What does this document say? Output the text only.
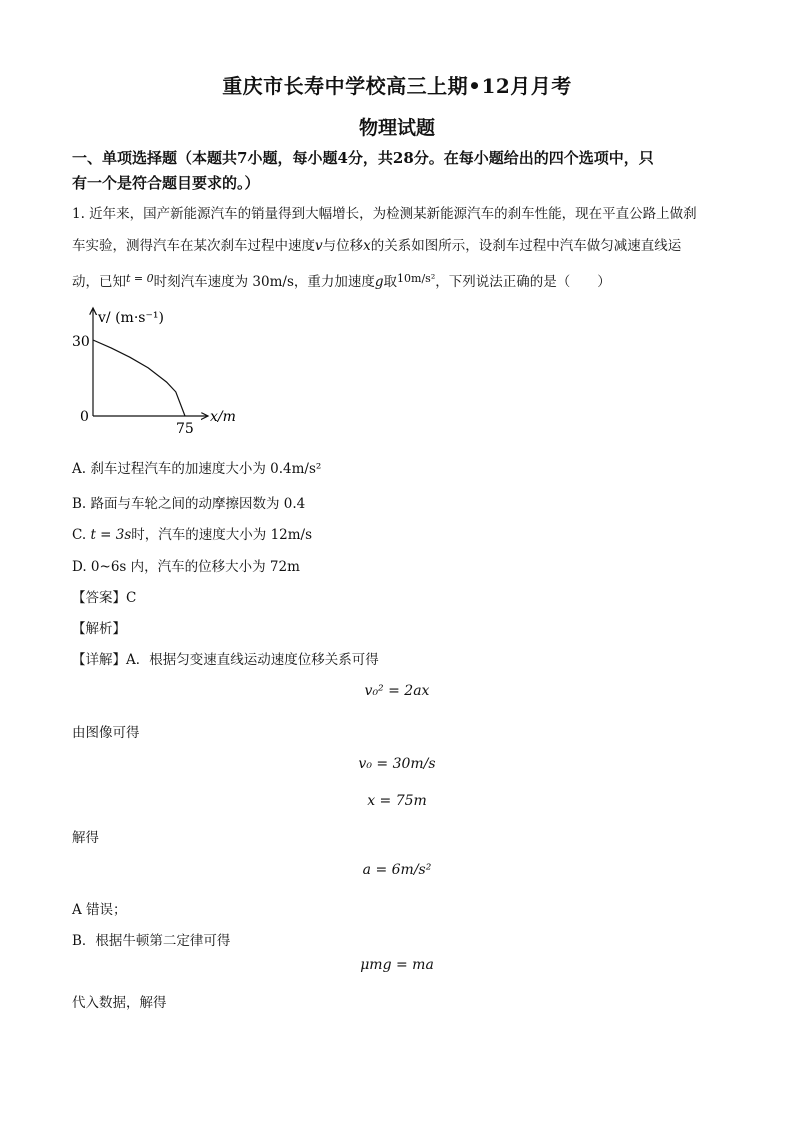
重庆市长寿中学校高三上期•12月月考
物理试题
一、单项选择题（本题共7小题，每小题4分，共28分。在每小题给出的四个选项中，只
有一个是符合题目要求的。）
1. 近年来，国产新能源汽车的销量得到大幅增长，为检测某新能源汽车的刹车性能，现在平直公路上做刹
车实验，测得汽车在某次刹车过程中速度v与位移x的关系如图所示，设刹车过程中汽车做匀减速直线运
动，已知$^{t = 0}$时刻汽车速度为 30m/s，重力加速度g取$^{10m/s^2}$，下列说法正确的是（　　）
v/ (m·s⁻¹)
x/m
30
75
0
A. 刹车过程汽车的加速度大小为 0.4m/s²
B. 路面与车轮之间的动摩擦因数为 0.4
C. t = 3s时，汽车的速度大小为 12m/s
D. 0~6s 内，汽车的位移大小为 72m
【答案】C
【解析】
【详解】A．根据匀变速直线运动速度位移关系可得
v₀² = 2ax
由图像可得
v₀ = 30m/s
x = 75m
解得
a = 6m/s²
A 错误；
B．根据牛顿第二定律可得
μmg = ma
代入数据，解得
